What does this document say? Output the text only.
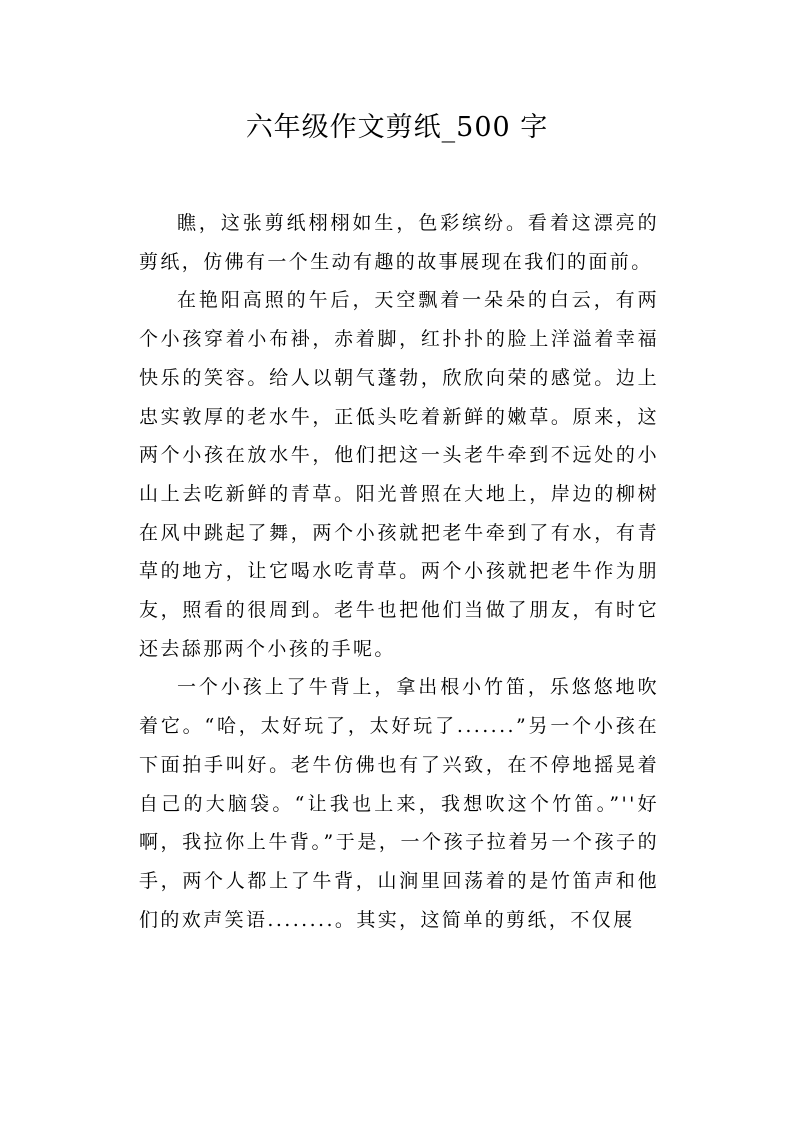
六年级作文剪纸_500 字

瞧，这张剪纸栩栩如生，色彩缤纷。看着这漂亮的剪纸，仿佛有一个生动有趣的故事展现在我们的面前。

在艳阳高照的午后，天空飘着一朵朵的白云，有两个小孩穿着小布褂，赤着脚，红扑扑的脸上洋溢着幸福快乐的笑容。给人以朝气蓬勃，欣欣向荣的感觉。边上忠实敦厚的老水牛，正低头吃着新鲜的嫩草。原来，这两个小孩在放水牛，他们把这一头老牛牵到不远处的小山上去吃新鲜的青草。阳光普照在大地上，岸边的柳树在风中跳起了舞，两个小孩就把老牛牵到了有水，有青草的地方，让它喝水吃青草。两个小孩就把老牛作为朋友，照看的很周到。老牛也把他们当做了朋友，有时它还去舔那两个小孩的手呢。

一个小孩上了牛背上，拿出根小竹笛，乐悠悠地吹着它。“哈，太好玩了，太好玩了.......”另一个小孩在下面拍手叫好。老牛仿佛也有了兴致，在不停地摇晃着自己的大脑袋。“让我也上来，我想吹这个竹笛。”''好啊，我拉你上牛背。”于是，一个孩子拉着另一个孩子的手，两个人都上了牛背，山涧里回荡着的是竹笛声和他们的欢声笑语........。其实，这简单的剪纸，不仅展
